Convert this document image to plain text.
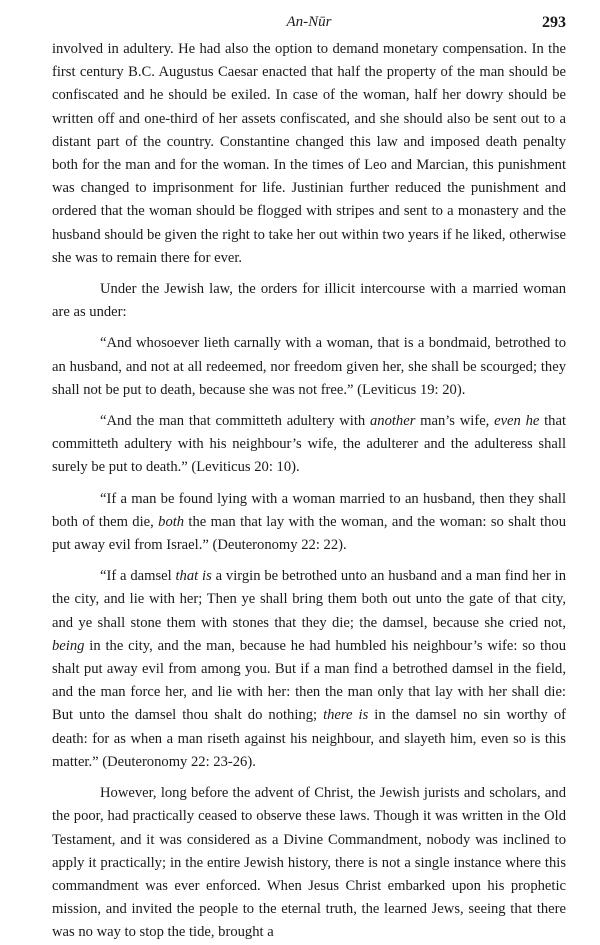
An-Nūr	293

involved in adultery. He had also the option to demand monetary compensation. In the first century B.C. Augustus Caesar enacted that half the property of the man should be confiscated and he should be exiled. In case of the woman, half her dowry should be written off and one-third of her assets confiscated, and she should also be sent out to a distant part of the country. Constantine changed this law and imposed death penalty both for the man and for the woman. In the times of Leo and Marcian, this punishment was changed to imprisonment for life. Justinian further reduced the punishment and ordered that the woman should be flogged with stripes and sent to a monastery and the husband should be given the right to take her out within two years if he liked, otherwise she was to remain there for ever.

Under the Jewish law, the orders for illicit intercourse with a married woman are as under:

“And whosoever lieth carnally with a woman, that is a bondmaid, betrothed to an husband, and not at all redeemed, nor freedom given her, she shall be scourged; they shall not be put to death, because she was not free.” (Leviticus 19: 20).

“And the man that committeth adultery with another man’s wife, even he that committeth adultery with his neighbour’s wife, the adulterer and the adulteress shall surely be put to death.” (Leviticus 20: 10).

“If a man be found lying with a woman married to an husband, then they shall both of them die, both the man that lay with the woman, and the woman: so shalt thou put away evil from Israel.” (Deuteronomy 22: 22).

“If a damsel that is a virgin be betrothed unto an husband and a man find her in the city, and lie with her; Then ye shall bring them both out unto the gate of that city, and ye shall stone them with stones that they die; the damsel, because she cried not, being in the city, and the man, because he had humbled his neighbour’s wife: so thou shalt put away evil from among you. But if a man find a betrothed damsel in the field, and the man force her, and lie with her: then the man only that lay with her shall die: But unto the damsel thou shalt do nothing; there is in the damsel no sin worthy of death: for as when a man riseth against his neighbour, and slayeth him, even so is this matter.” (Deuteronomy 22: 23-26).

However, long before the advent of Christ, the Jewish jurists and scholars, and the poor, had practically ceased to observe these laws. Though it was written in the Old Testament, and it was considered as a Divine Commandment, nobody was inclined to apply it practically; in the entire Jewish history, there is not a single instance where this commandment was ever enforced. When Jesus Christ embarked upon his prophetic mission, and invited the people to the eternal truth, the learned Jews, seeing that there was no way to stop the tide, brought a
